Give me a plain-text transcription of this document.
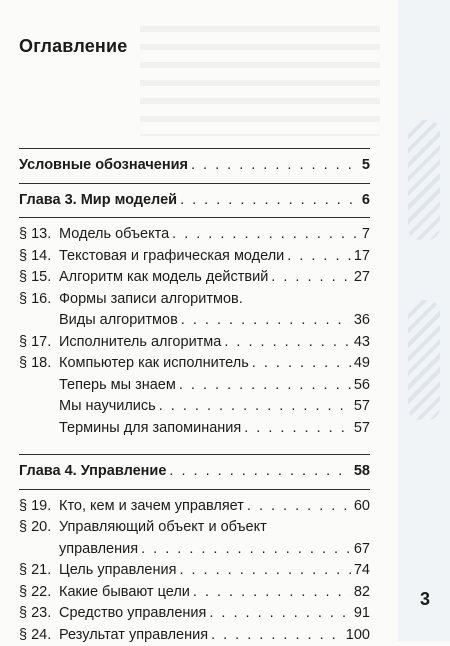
Оглавление
Условные обозначения . . .	5
Глава 3. Мир моделей . . .	6
§ 13. Модель объекта . . .	7
§ 14. Текстовая и графическая модели . . .	17
§ 15. Алгоритм как модель действий . . .	27
§ 16. Формы записи алгоритмов.
Виды алгоритмов . . .	36
§ 17. Исполнитель алгоритма . . .	43
§ 18. Компьютер как исполнитель . . .	49
Теперь мы знаем . . .	56
Мы научились . . .	57
Термины для запоминания . . .	57
Глава 4. Управление . . .	58
§ 19. Кто, кем и зачем управляет . . .	60
§ 20. Управляющий объект и объект
управления . . .	67
§ 21. Цель управления . . .	74
§ 22. Какие бывают цели . . .	82
§ 23. Средство управления . . .	91
§ 24. Результат управления . . .	100
3
